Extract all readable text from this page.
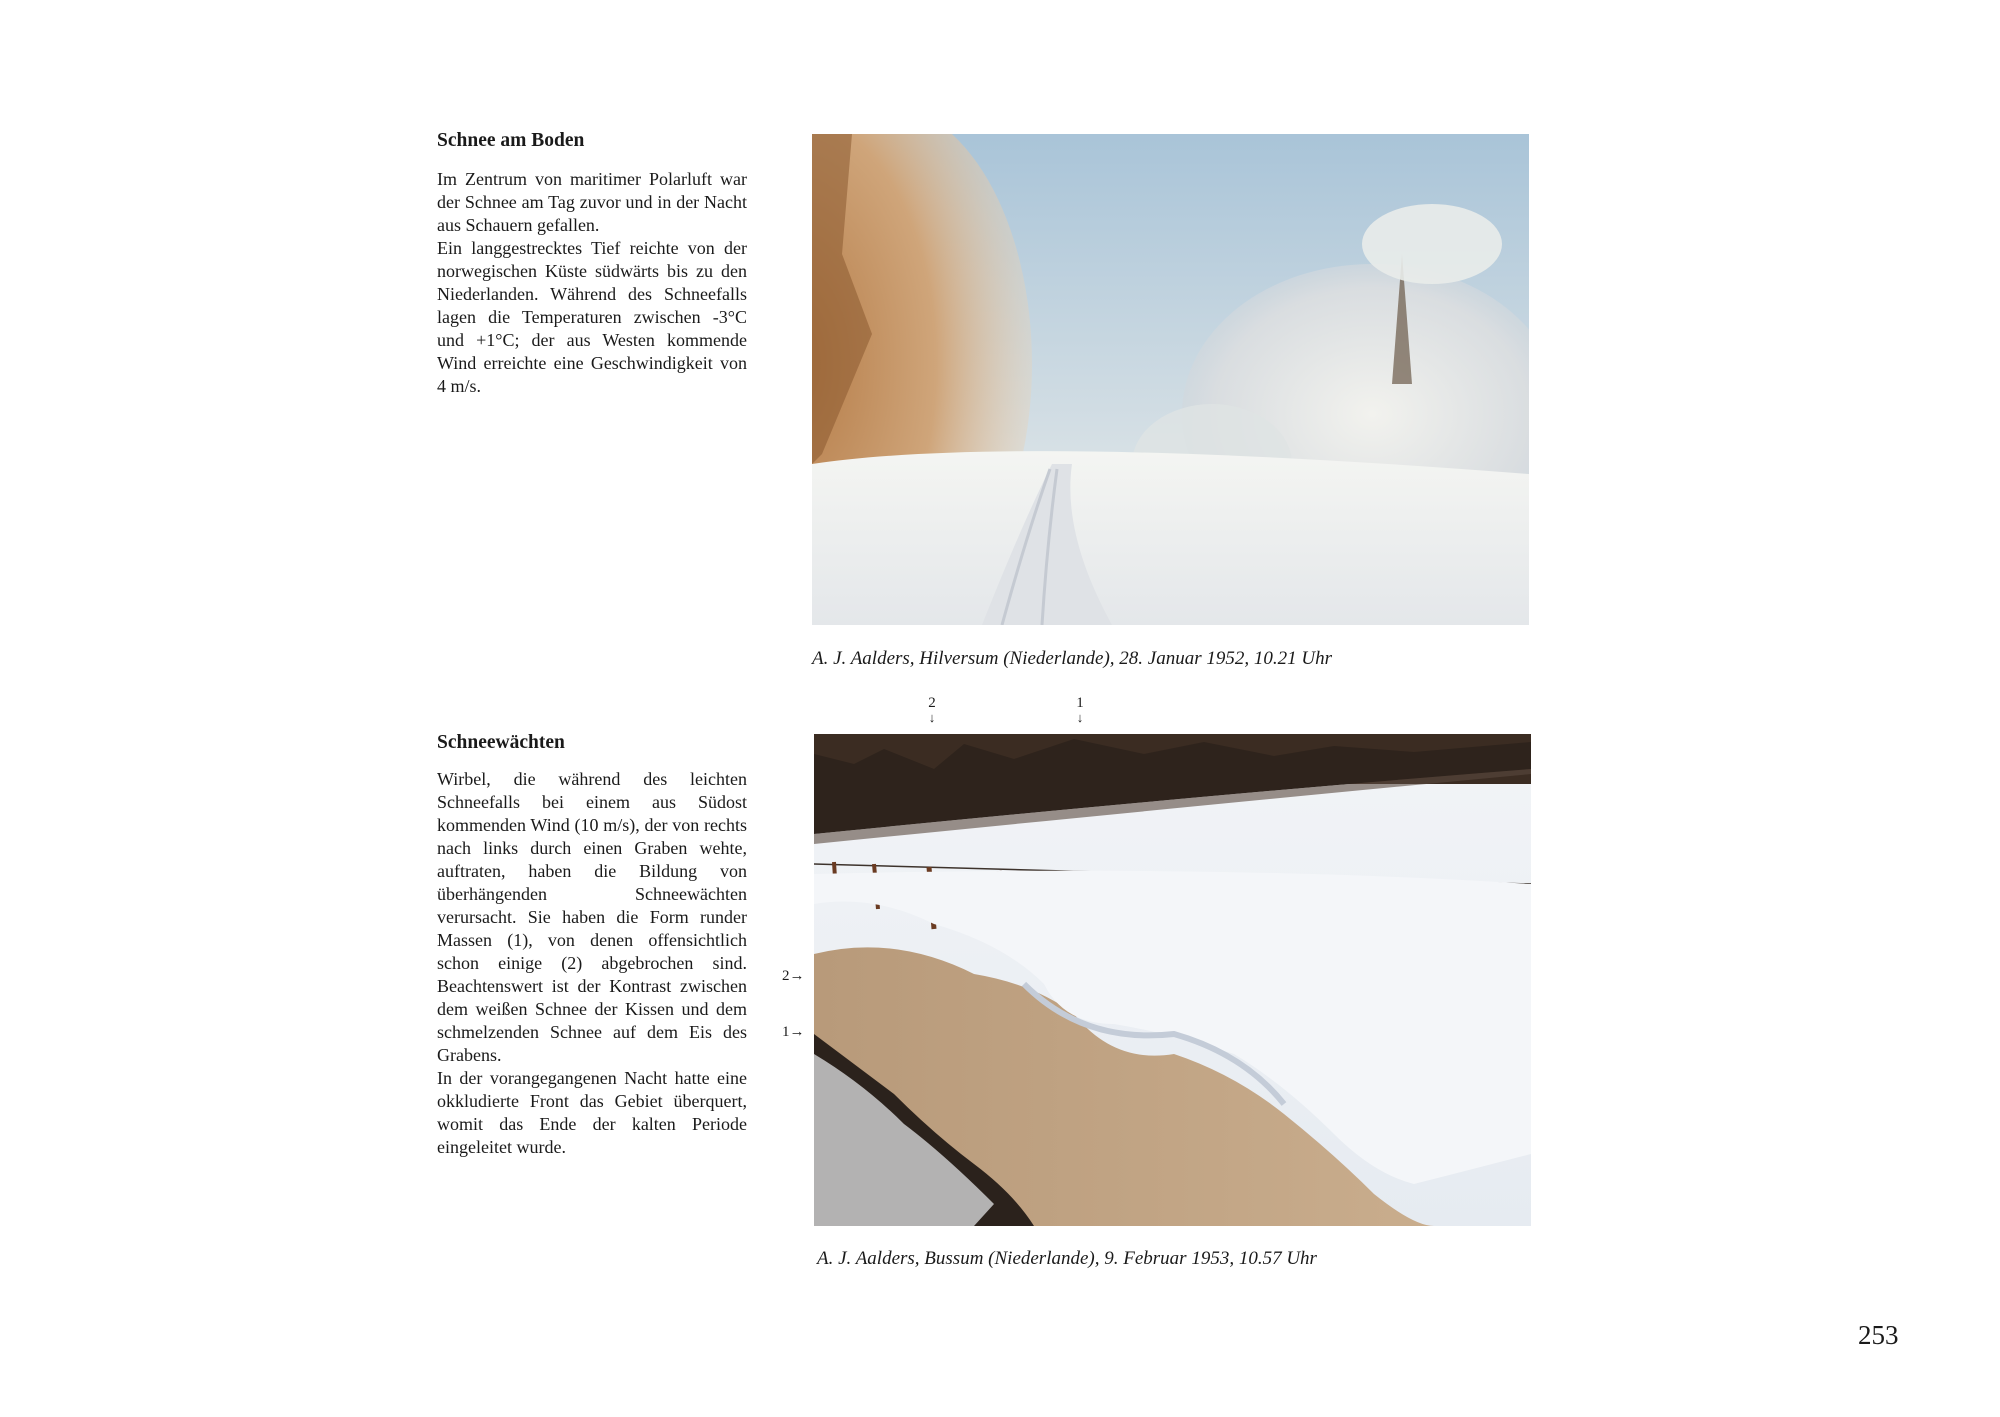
Schnee am Boden

Im Zentrum von maritimer Polarluft war der Schnee am Tag zuvor und in der Nacht aus Schauern gefallen.

Ein langgestrecktes Tief reichte von der norwegischen Küste südwärts bis zu den Niederlanden. Während des Schneefalls lagen die Temperaturen zwischen -3°C und +1°C; der aus Westen kommende Wind erreichte eine Geschwindigkeit von 4 m/s.

A. J. Aalders, Hilversum (Niederlande), 28. Januar 1952, 10.21 Uhr

Schneewächten

Wirbel, die während des leichten Schneefalls bei einem aus Südost kommenden Wind (10 m/s), der von rechts nach links durch einen Graben wehte, auftraten, haben die Bildung von überhängenden Schneewächten verursacht. Sie haben die Form runder Massen (1), von denen offensichtlich schon einige (2) abgebrochen sind. Beachtenswert ist der Kontrast zwischen dem weißen Schnee der Kissen und dem schmelzenden Schnee auf dem Eis des Grabens.

In der vorangegangenen Nacht hatte eine okkludierte Front das Gebiet überquert, womit das Ende der kalten Periode eingeleitet wurde.

2
↓
1
↓
2→
1→

A. J. Aalders, Bussum (Niederlande), 9. Februar 1953, 10.57 Uhr

253
